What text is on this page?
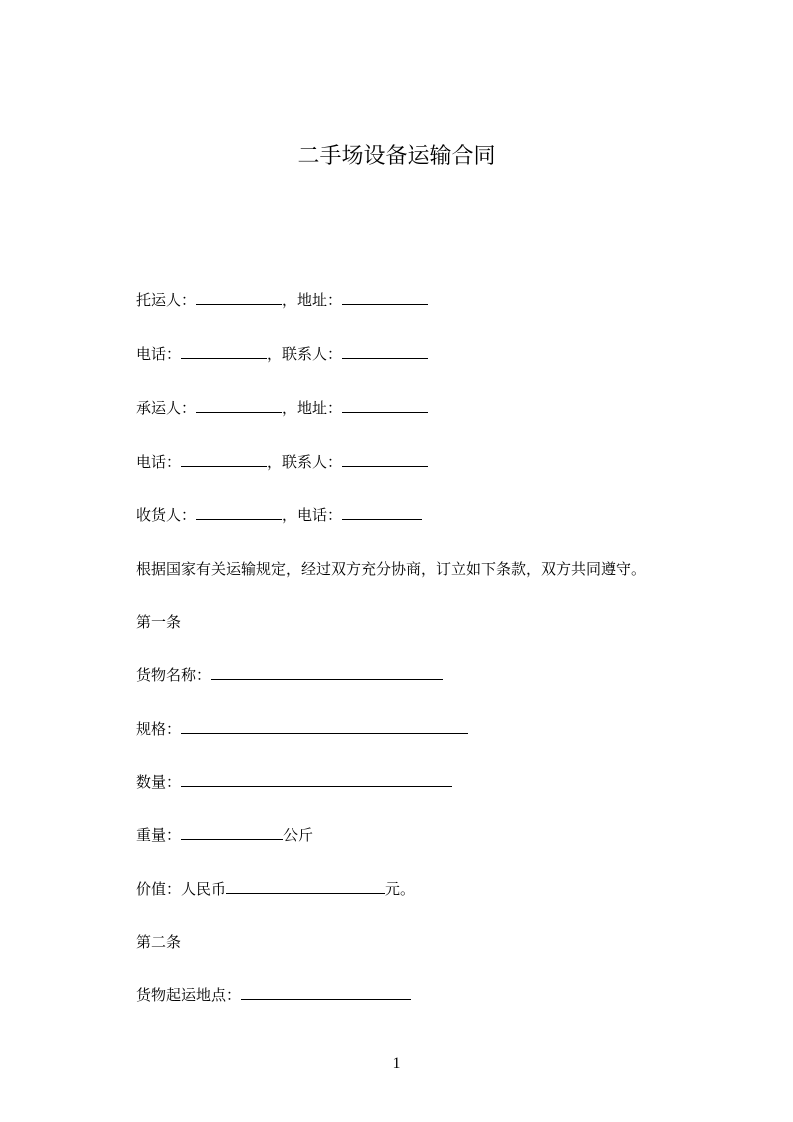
二手场设备运输合同
托运人：	，地址：
电话：	，联系人：
承运人：	，地址：
电话：	，联系人：
收货人：	，电话：
根据国家有关运输规定，经过双方充分协商，订立如下条款，双方共同遵守。
第一条
货物名称：
规格：
数量：
重量：	公斤
价值：人民币	元。
第二条
货物起运地点：
1
